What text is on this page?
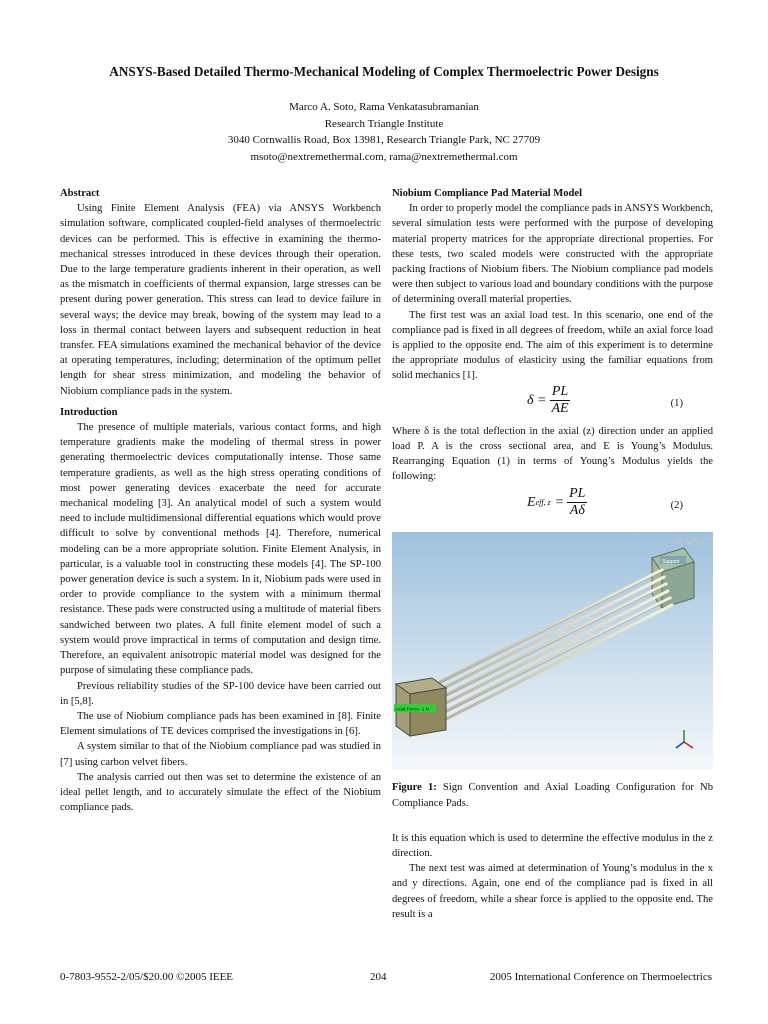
ANSYS-Based Detailed Thermo-Mechanical Modeling of Complex Thermoelectric Power Designs
Marco A. Soto, Rama Venkatasubramanian
Research Triangle Institute
3040 Cornwallis Road, Box 13981, Research Triangle Park, NC 27709
msoto@nextremethermal.com, rama@nextremethermal.com
Abstract

Using Finite Element Analysis (FEA) via ANSYS Workbench simulation software, complicated coupled-field analyses of thermoelectric devices can be performed. This is effective in examining the thermo-mechanical stresses introduced in these devices through their operation. Due to the large temperature gradients inherent in their operation, as well as the mismatch in coefficients of thermal expansion, large stresses can be present during power generation. This stress can lead to device failure in several ways; the device may break, bowing of the system may lead to a loss in thermal contact between layers and subsequent reduction in heat transfer. FEA simulations examined the mechanical behavior of the device at operating temperatures, including; determination of the optimum pellet length for shear stress minimization, and modeling the behavior of Niobium compliance pads in the system.

Introduction

The presence of multiple materials, various contact forms, and high temperature gradients make the modeling of thermal stress in power generating thermoelectric devices computationally intense. Those same temperature gradients, as well as the high stress operating conditions of most power generating devices exacerbate the need for accurate mechanical modeling [3]. An analytical model of such a system would need to include multidimensional differential equations which would prove difficult to solve by conventional methods [4]. Therefore, numerical modeling can be a more appropriate solution. Finite Element Analysis, in particular, is a valuable tool in constructing these models [4]. The SP-100 power generation device is such a system. In it, Niobium pads were used in order to provide compliance to the system with a minimum thermal resistance. These pads were constructed using a multitude of material fibers sandwiched between two plates. A full finite element model of such a system would prove impractical in terms of computation and design time. Therefore, an equivalent anisotropic material model was designed for the purpose of simulating these compliance pads.

Previous reliability studies of the SP-100 device have been carried out in [5,8].

The use of Niobium compliance pads has been examined in [8]. Finite Element simulations of TE devices comprised the investigations in [6].

A system similar to that of the Niobium compliance pad was studied in [7] using carbon velvet fibers.

The analysis carried out then was set to determine the existence of an ideal pellet length, and to accurately simulate the effect of the Niobium compliance pads.

Niobium Compliance Pad Material Model

In order to properly model the compliance pads in ANSYS Workbench, several simulation tests were performed with the purpose of developing material property matrices for the appropriate directional properties. For these tests, two scaled models were constructed with the appropriate packing fractions of Niobium fibers. The Niobium compliance pad models were then subject to various load and boundary conditions with the purpose of determining overall material properties.

The first test was an axial load test. In this scenario, one end of the compliance pad is fixed in all degrees of freedom, while an axial force load is applied to the opposite end. The aim of this experiment is to determine the appropriate modulus of elasticity using the familiar equations from solid mechanics [1].

$\delta = \frac{PL}{AE}$	(1)

Where δ is the total deflection in the axial (z) direction under an applied load P. A is the cross sectional area, and E is Young’s Modulus. Rearranging Equation (1) in terms of Young’s Modulus yields the following:

E eff, $z = \frac{PL}{A\delta}$	(2)
ANSYS
Support
Axial Force: 1 N

Figure 1: Sign Convention and Axial Loading Configuration for Nb Compliance Pads.

It is this equation which is used to determine the effective modulus in the z direction.

The next test was aimed at determination of Young’s modulus in the x and y directions. Again, one end of the compliance pad is fixed in all degrees of freedom, while a shear force is applied to the opposite end. The result is a

0-7803-9552-2/05/$20.00 ©2005 IEEE	204	2005 International Conference on Thermoelectrics
